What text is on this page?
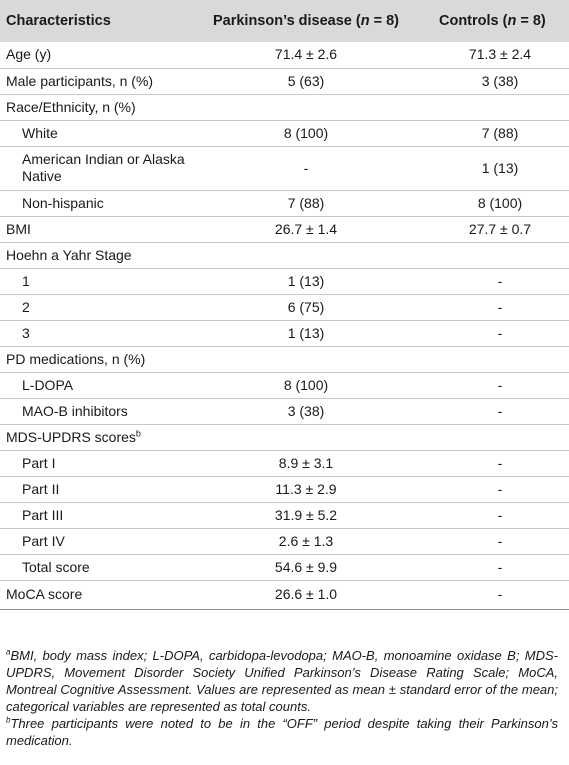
Characteristics	Parkinson’s disease (n = 8)	Controls (n = 8)
Age (y)	71.4 ± 2.6	71.3 ± 2.4
Male participants, n (%)	5 (63)	3 (38)
Race/Ethnicity, n (%)		
White	8 (100)	7 (88)
American Indian or Alaska Native	-	1 (13)
Non-hispanic	7 (88)	8 (100)
BMI	26.7 ± 1.4	27.7 ± 0.7
Hoehn a Yahr Stage		
1	1 (13)	-
2	6 (75)	-
3	1 (13)	-
PD medications, n (%)		
L-DOPA	8 (100)	-
MAO-B inhibitors	3 (38)	-
MDS-UPDRS scores$^b$		
Part I	8.9 ± 3.1	-
Part II	11.3 ± 2.9	-
Part III	31.9 ± 5.2	-
Part IV	2.6 ± 1.3	-
Total score	54.6 ± 9.9	-
MoCA score	26.6 ± 1.0	-

$^a$BMI, body mass index; L-DOPA, carbidopa-levodopa; MAO-B, monoamine oxidase B; MDS-UPDRS, Movement Disorder Society Unified Parkinson’s Disease Rating Scale; MoCA, Montreal Cognitive Assessment. Values are represented as mean ± standard error of the mean; categorical variables are represented as total counts.

$^b$Three participants were noted to be in the “OFF” period despite taking their Parkinson’s medication.
